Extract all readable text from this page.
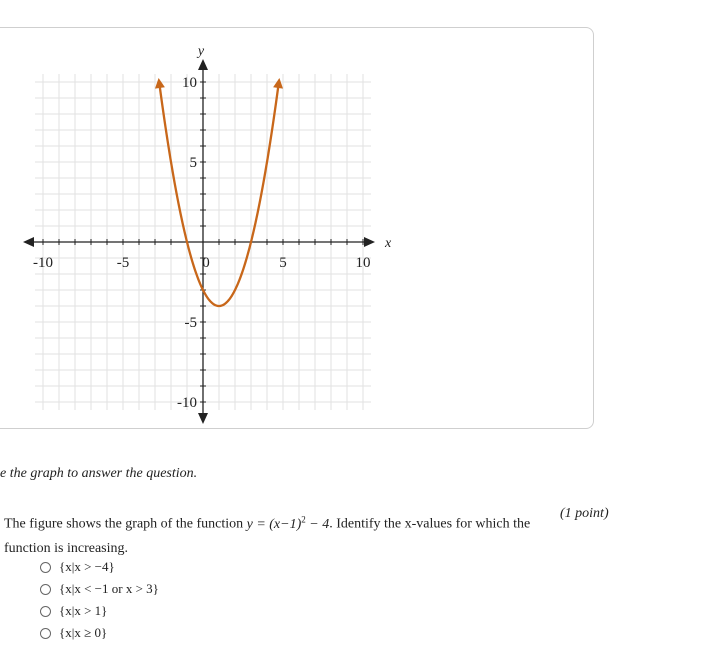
-10	-5	5	10
10
5
-5
-10
0
x
y
e the graph to answer the question.
The figure shows the graph of the function $y = (x-1)^2 - 4$. Identify the x-values for which the function is increasing.
(1 point)
{x|x > −4}
{x|x < −1 or x > 3}
{x|x > 1}
{x|x ≥ 0}
